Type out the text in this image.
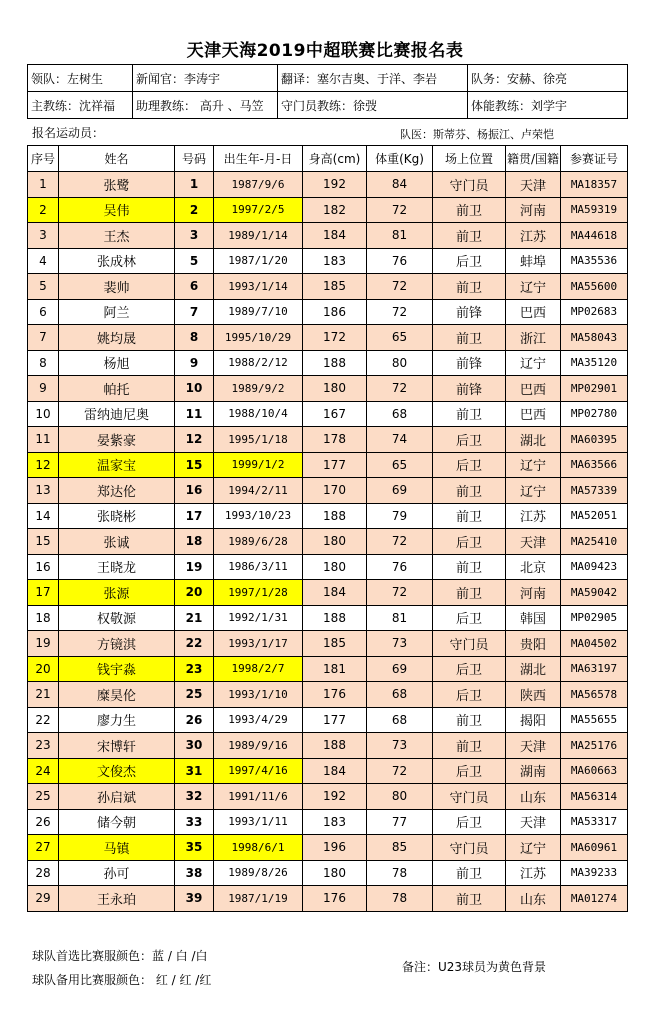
天津天海2019中超联赛比赛报名表
领队：左树生	新闻官：李涛宇	翻译：塞尔吉奥、于洋、李岩	队务：安赫、徐亮
主教练：沈祥福	助理教练： 高升 、马笠	守门员教练：徐弢	体能教练：刘学宇
报名运动员：	队医：斯蒂芬、杨振江、卢荣恺
序号	姓名	号码	出生年-月-日	身高(cm)	体重(Kg)	场上位置	籍贯/国籍	参赛证号
1	张鹭	1	1987/9/6	192	84	守门员	天津	MA18357
2	吴伟	2	1997/2/5	182	72	前卫	河南	MA59319
3	王杰	3	1989/1/14	184	81	前卫	江苏	MA44618
4	张成林	5	1987/1/20	183	76	后卫	蚌埠	MA35536
5	裴帅	6	1993/1/14	185	72	前卫	辽宁	MA55600
6	阿兰	7	1989/7/10	186	72	前锋	巴西	MP02683
7	姚均晟	8	1995/10/29	172	65	前卫	浙江	MA58043
8	杨旭	9	1988/2/12	188	80	前锋	辽宁	MA35120
9	帕托	10	1989/9/2	180	72	前锋	巴西	MP02901
10	雷纳迪尼奥	11	1988/10/4	167	68	前卫	巴西	MP02780
11	晏紫豪	12	1995/1/18	178	74	后卫	湖北	MA60395
12	温家宝	15	1999/1/2	177	65	后卫	辽宁	MA63566
13	郑达伦	16	1994/2/11	170	69	前卫	辽宁	MA57339
14	张晓彬	17	1993/10/23	188	79	前卫	江苏	MA52051
15	张诚	18	1989/6/28	180	72	后卫	天津	MA25410
16	王晓龙	19	1986/3/11	180	76	前卫	北京	MA09423
17	张源	20	1997/1/28	184	72	前卫	河南	MA59042
18	权敬源	21	1992/1/31	188	81	后卫	韩国	MP02905
19	方镜淇	22	1993/1/17	185	73	守门员	贵阳	MA04502
20	钱宇淼	23	1998/2/7	181	69	后卫	湖北	MA63197
21	糜昊伦	25	1993/1/10	176	68	后卫	陕西	MA56578
22	廖力生	26	1993/4/29	177	68	前卫	揭阳	MA55655
23	宋博轩	30	1989/9/16	188	73	前卫	天津	MA25176
24	文俊杰	31	1997/4/16	184	72	后卫	湖南	MA60663
25	孙启斌	32	1991/11/6	192	80	守门员	山东	MA56314
26	储今朝	33	1993/1/11	183	77	后卫	天津	MA53317
27	马镇	35	1998/6/1	196	85	守门员	辽宁	MA60961
28	孙可	38	1989/8/26	180	78	前卫	江苏	MA39233
29	王永珀	39	1987/1/19	176	78	前卫	山东	MA01274
球队首选比赛服颜色：蓝 / 白 /白
球队备用比赛服颜色： 红 / 红 /红
备注：U23球员为黄色背景
